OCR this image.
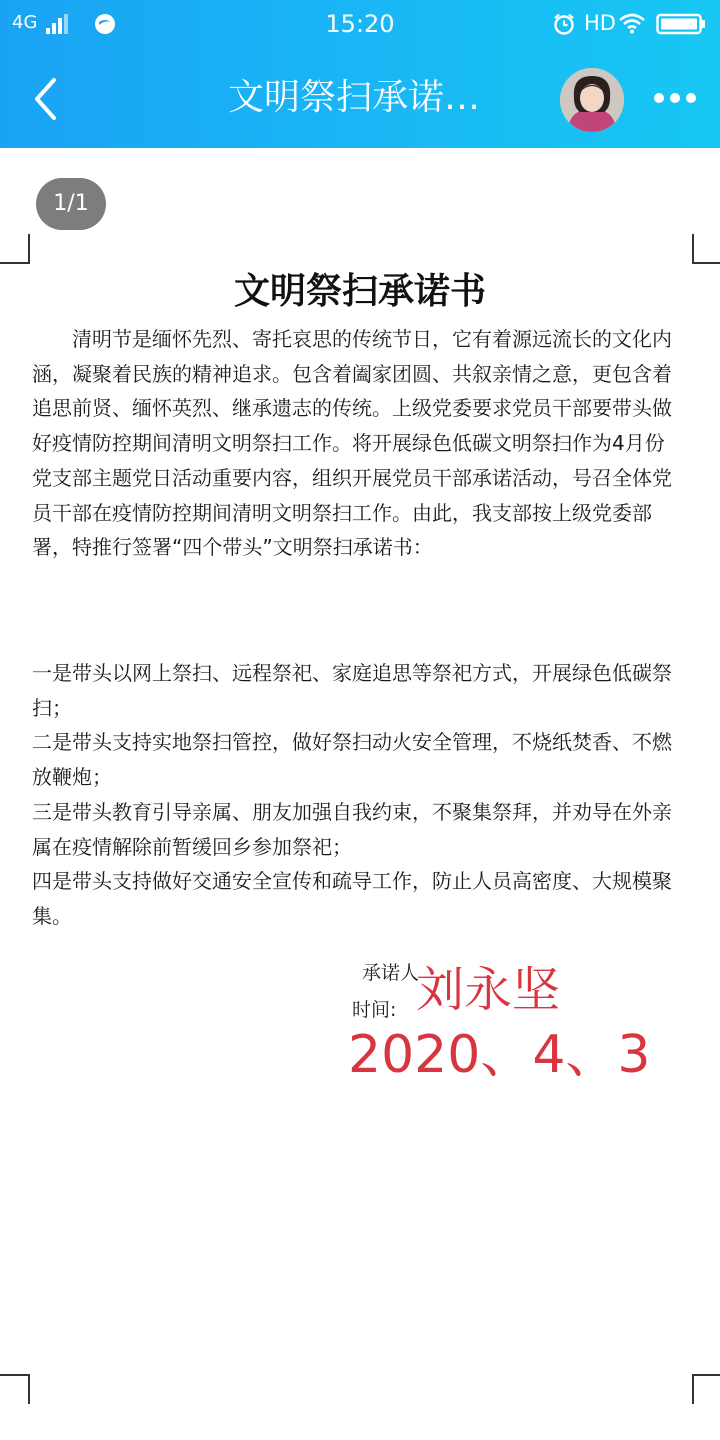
4G	15:20	HD
文明祭扫承诺…
1/1
文明祭扫承诺书

清明节是缅怀先烈、寄托哀思的传统节日，它有着源远流长的文化内涵，凝聚着民族的精神追求。包含着阖家团圆、共叙亲情之意，更包含着追思前贤、缅怀英烈、继承遗志的传统。上级党委要求党员干部要带头做好疫情防控期间清明文明祭扫工作。将开展绿色低碳文明祭扫作为4月份党支部主题党日活动重要内容，组织开展党员干部承诺活动，号召全体党员干部在疫情防控期间清明文明祭扫工作。由此，我支部按上级党委部署，特推行签署“四个带头”文明祭扫承诺书：

一是带头以网上祭扫、远程祭祀、家庭追思等祭祀方式，开展绿色低碳祭扫；
二是带头支持实地祭扫管控，做好祭扫动火安全管理，不烧纸焚香、不燃放鞭炮；
三是带头教育引导亲属、朋友加强自我约束，不聚集祭拜，并劝导在外亲属在疫情解除前暂缓回乡参加祭祀；
四是带头支持做好交通安全宣传和疏导工作，防止人员高密度、大规模聚集。
承诺人
时间: 刘永坚
2020、4、3
